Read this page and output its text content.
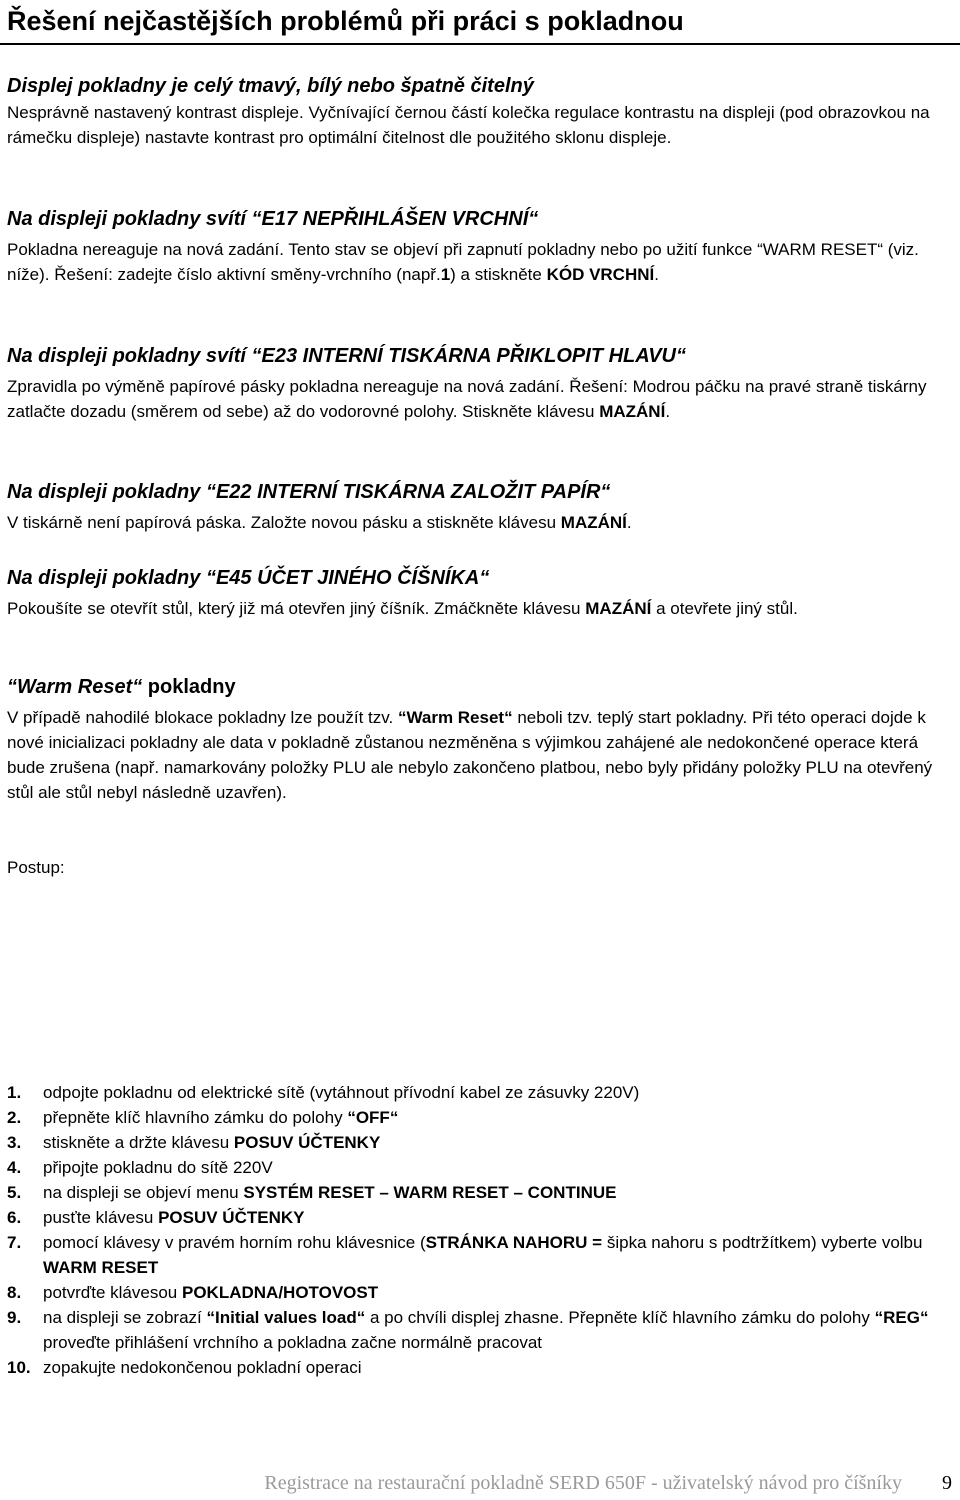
Řešení nejčastějších problémů při práci s pokladnou
Displej pokladny je celý tmavý, bílý nebo špatně čitelný

Nesprávně nastavený kontrast displeje. Vyčnívající černou částí kolečka regulace kontrastu na displeji (pod obrazovkou na rámečku displeje) nastavte kontrast pro optimální čitelnost dle použitého sklonu displeje.

Na displeji pokladny svítí “E17 NEPŘIHLÁŠEN VRCHNÍ“

Pokladna nereaguje na nová zadání. Tento stav se objeví při zapnutí pokladny nebo po užití funkce “WARM RESET“ (viz. níže). Řešení: zadejte číslo aktivní směny-vrchního (např.1) a stiskněte KÓD VRCHNÍ.

Na displeji pokladny svítí “E23 INTERNÍ TISKÁRNA PŘIKLOPIT HLAVU“

Zpravidla po výměně papírové pásky pokladna nereaguje na nová zadání. Řešení: Modrou páčku na pravé straně tiskárny zatlačte dozadu (směrem od sebe) až do vodorovné polohy. Stiskněte klávesu MAZÁNÍ.

Na displeji pokladny “E22 INTERNÍ TISKÁRNA ZALOŽIT PAPÍR“

V tiskárně není papírová páska. Založte novou pásku a stiskněte klávesu MAZÁNÍ.

Na displeji pokladny “E45 ÚČET JINÉHO ČÍŠNÍKA“

Pokoušíte se otevřít stůl, který již má otevřen jiný číšník. Zmáčkněte klávesu MAZÁNÍ a otevřete jiný stůl.

“Warm Reset“ pokladny

V případě nahodilé blokace pokladny lze použít tzv. “Warm Reset“ neboli tzv. teplý start pokladny. Při této operaci dojde k nové inicializaci pokladny ale data v pokladně zůstanou nezměněna s výjimkou zahájené ale nedokončené operace která bude zrušena (např. namarkovány položky PLU ale nebylo zakončeno platbou, nebo byly přidány položky PLU na otevřený stůl ale stůl nebyl následně uzavřen).

Postup:

1.	odpojte pokladnu od elektrické sítě (vytáhnout přívodní kabel ze zásuvky 220V)
2.	přepněte klíč hlavního zámku do polohy “OFF“
3.	stiskněte a držte klávesu POSUV ÚČTENKY
4.	připojte pokladnu do sítě 220V
5.	na displeji se objeví menu SYSTÉM RESET – WARM RESET – CONTINUE
6.	pusťte klávesu POSUV ÚČTENKY
7.	pomocí klávesy v pravém horním rohu klávesnice (STRÁNKA NAHORU = šipka nahoru s podtržítkem) vyberte volbu WARM RESET
8.	potvrďte klávesou POKLADNA/HOTOVOST
9.	na displeji se zobrazí “Initial values load“ a po chvíli displej zhasne. Přepněte klíč hlavního zámku do polohy “REG“ proveďte přihlášení vrchního a pokladna začne normálně pracovat
10. zopakujte nedokončenou pokladní operaci
Registrace na restaurační pokladně SERD 650F - uživatelský návod pro číšníky 9
